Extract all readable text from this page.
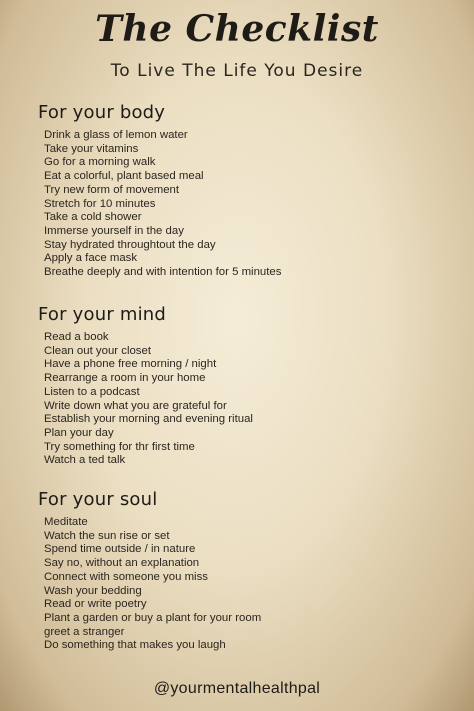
The Checklist
To Live The Life You Desire
For your body
Drink a glass of lemon water
Take your vitamins
Go for a morning walk
Eat a colorful, plant based meal
Try new form of movement
Stretch for 10 minutes
Take a cold shower
Immerse yourself in the day
Stay hydrated throughtout the day
Apply a face mask
Breathe deeply and with intention for 5 minutes
For your mind
Read a book
Clean out your closet
Have a phone free morning / night
Rearrange a room in your home
Listen to a podcast
Write down what you are grateful for
Establish your morning and evening ritual
Plan your day
Try something for thr first time
Watch a ted talk
For your soul
Meditate
Watch the sun rise or set
Spend time outside / in nature
Say no, without an explanation
Connect with someone you miss
Wash your bedding
Read or write poetry
Plant a garden or buy a plant for your room
greet a stranger
Do something that makes you laugh
@yourmentalhealthpal
